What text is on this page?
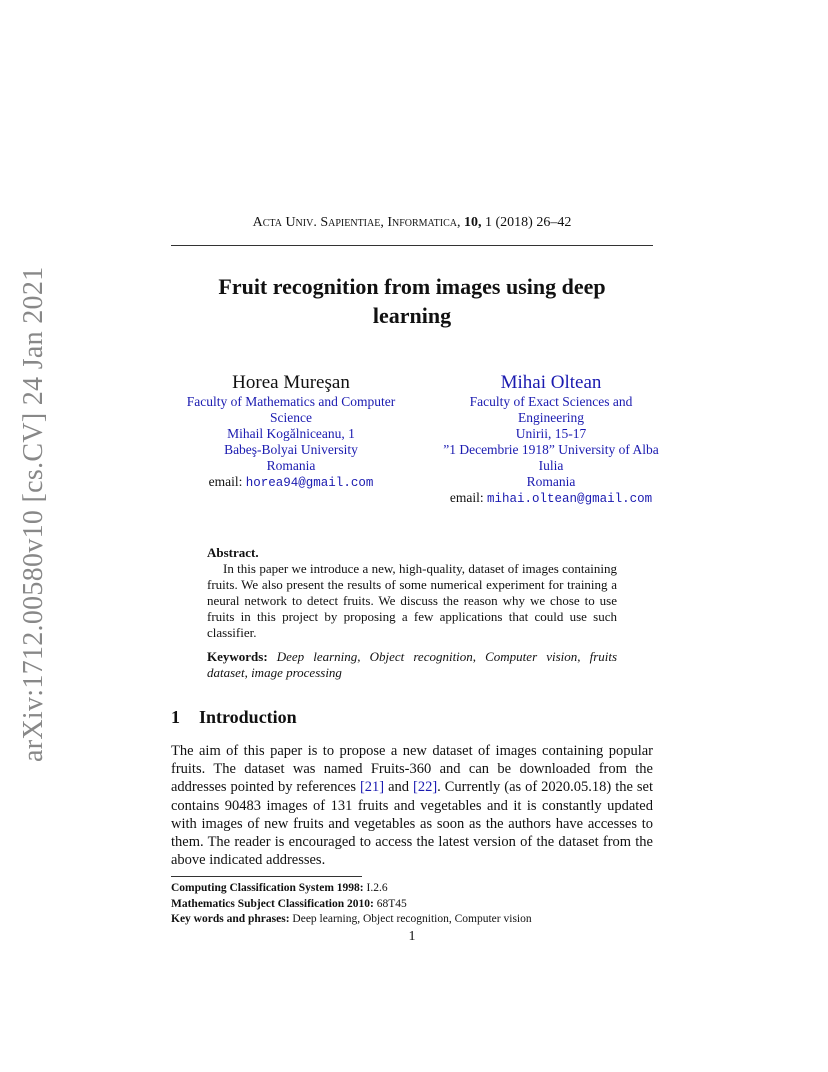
arXiv:1712.00580v10 [cs.CV] 24 Jan 2021
Acta Univ. Sapientiae, Informatica, 10, 1 (2018) 26–42
Fruit recognition from images using deep
learning
Horea Mureşan
Faculty of Mathematics and Computer
Science
Mihail Kogălniceanu, 1
Babeş-Bolyai University
Romania
email: horea94@gmail.com
Mihai Oltean
Faculty of Exact Sciences and
Engineering
Unirii, 15-17
”1 Decembrie 1918” University of Alba
Iulia
Romania
email: mihai.oltean@gmail.com
Abstract.

In this paper we introduce a new, high-quality, dataset of images containing fruits. We also present the results of some numerical experiment for training a neural network to detect fruits. We discuss the reason why we chose to use fruits in this project by proposing a few applications that could use such classifier.

Keywords: Deep learning, Object recognition, Computer vision, fruits dataset, image processing
1 Introduction

The aim of this paper is to propose a new dataset of images containing popular fruits. The dataset was named Fruits-360 and can be downloaded from the addresses pointed by references [21] and [22]. Currently (as of 2020.05.18) the set contains 90483 images of 131 fruits and vegetables and it is constantly updated with images of new fruits and vegetables as soon as the authors have accesses to them. The reader is encouraged to access the latest version of the dataset from the above indicated addresses.

Computing Classification System 1998: I.2.6
Mathematics Subject Classification 2010: 68T45
Key words and phrases: Deep learning, Object recognition, Computer vision
1
